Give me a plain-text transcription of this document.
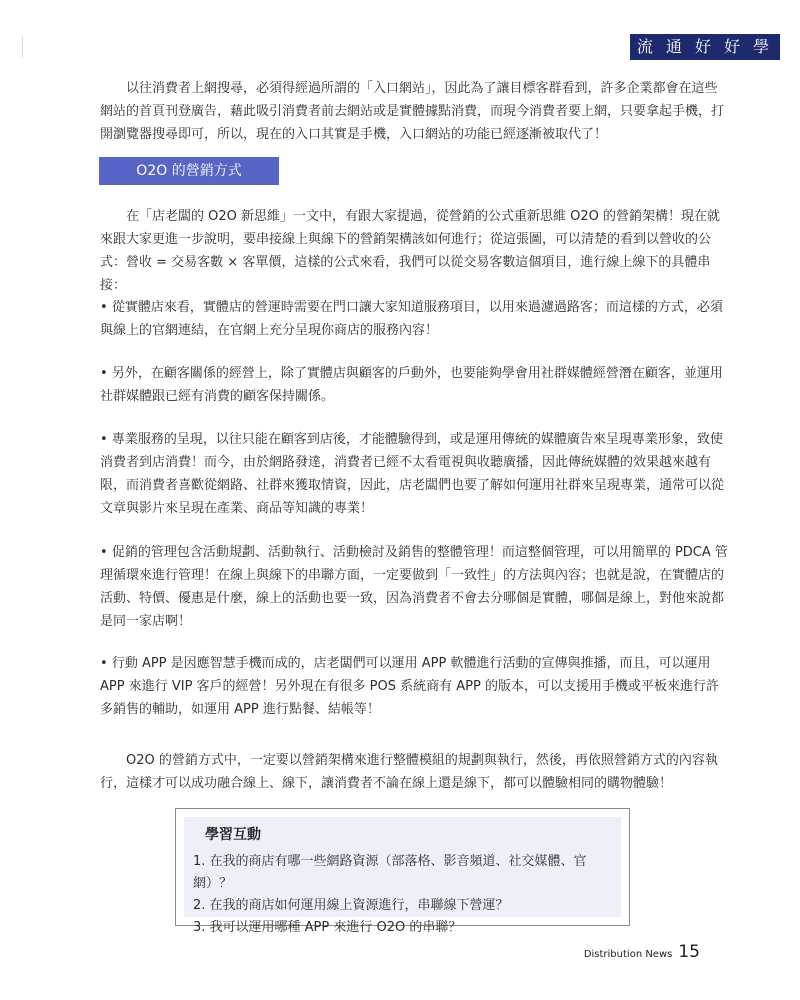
流 通 好 好 學

以往消費者上網搜尋，必須得經過所謂的「入口網站」，因此為了讓目標客群看到，許多企業都會在這些網站的首頁刊登廣告，藉此吸引消費者前去網站或是實體據點消費，而現今消費者要上網，只要拿起手機，打開瀏覽器搜尋即可，所以，現在的入口其實是手機，入口網站的功能已經逐漸被取代了！

O2O 的營銷方式

在「店老闆的 O2O 新思維」一文中，有跟大家提過，從營銷的公式重新思維 O2O 的營銷架構！現在就來跟大家更進一步說明，要串接線上與線下的營銷架構該如何進行；從這張圖，可以清楚的看到以營收的公式：營收 = 交易客數 × 客單價，這樣的公式來看，我們可以從交易客數這個項目，進行線上線下的具體串接：

• 從實體店來看，實體店的營運時需要在門口讓大家知道服務項目，以用來過濾過路客；而這樣的方式，必須與線上的官網連結，在官網上充分呈現你商店的服務內容！

• 另外，在顧客關係的經營上，除了實體店與顧客的戶動外，也要能夠學會用社群媒體經營潛在顧客，並運用社群媒體跟已經有消費的顧客保持關係。

• 專業服務的呈現，以往只能在顧客到店後，才能體驗得到，或是運用傳統的媒體廣告來呈現專業形象，致使消費者到店消費！而今，由於網路發達，消費者已經不太看電視與收聽廣播，因此傳統媒體的效果越來越有限，而消費者喜歡從網路、社群來獲取情資，因此，店老闆們也要了解如何運用社群來呈現專業，通常可以從文章與影片來呈現在產業、商品等知識的專業！

• 促銷的管理包含活動規劃、活動執行、活動檢討及銷售的整體管理！而這整個管理，可以用簡單的 PDCA 管理循環來進行管理！在線上與線下的串聯方面，一定要做到「一致性」的方法與內容；也就是說，在實體店的活動、特價、優惠是什麼，線上的活動也要一致，因為消費者不會去分哪個是實體，哪個是線上，對他來說都是同一家店啊！

• 行動 APP 是因應智慧手機而成的，店老闆們可以運用 APP 軟體進行活動的宣傳與推播，而且，可以運用 APP 來進行 VIP 客戶的經營！另外現在有很多 POS 系統商有 APP 的版本，可以支援用手機或平板來進行許多銷售的輔助，如運用 APP 進行點餐、結帳等！

O2O 的營銷方式中，一定要以營銷架構來進行整體模組的規劃與執行，然後，再依照營銷方式的內容執行，這樣才可以成功融合線上、線下，讓消費者不論在線上還是線下，都可以體驗相同的購物體驗！

學習互動
1. 在我的商店有哪一些網路資源（部落格、影音頻道、社交媒體、官網）？
2. 在我的商店如何運用線上資源進行，串聯線下營運？
3. 我可以運用哪種 APP 來進行 O2O 的串聯？
Distribution News 15
